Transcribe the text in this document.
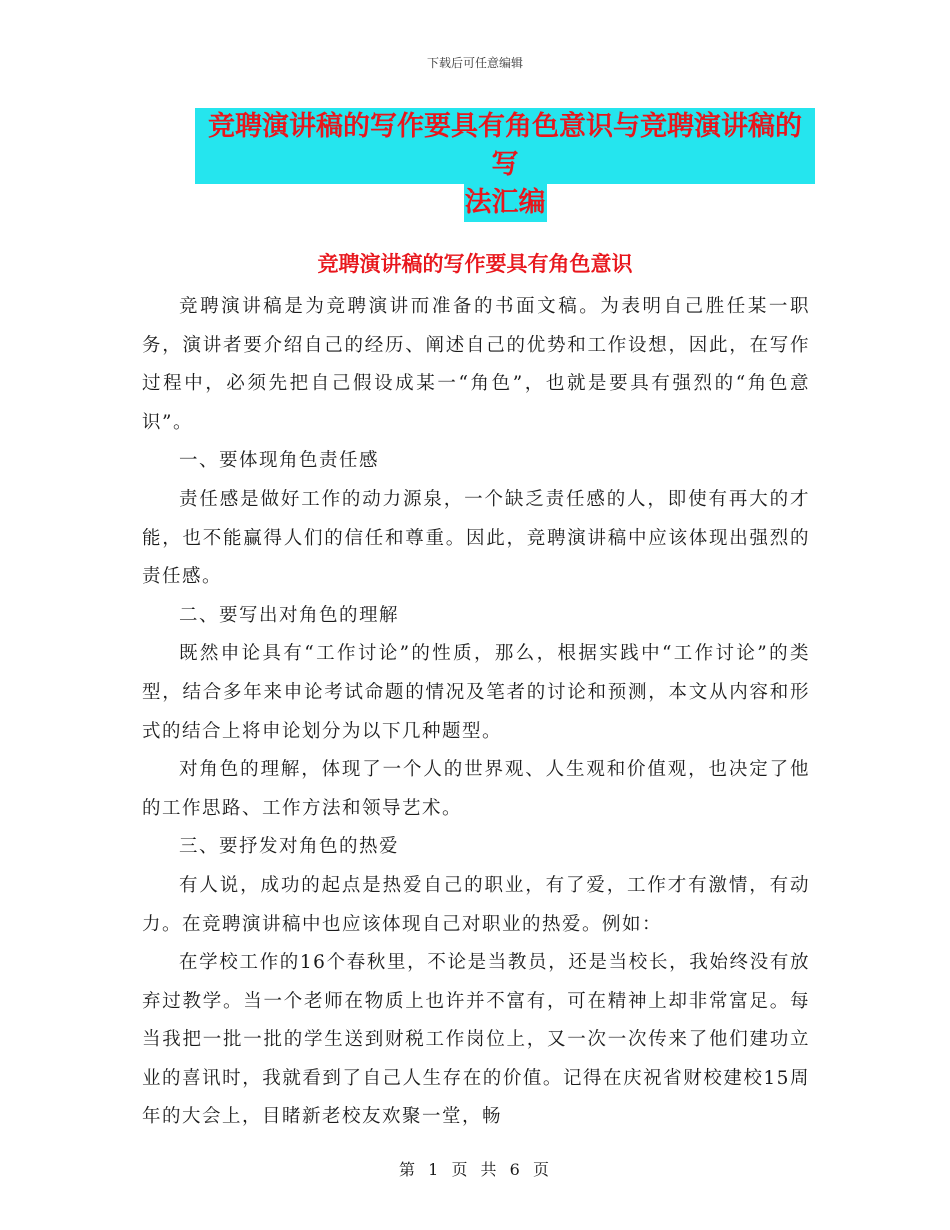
下载后可任意编辑
竞聘演讲稿的写作要具有角色意识与竞聘演讲稿的写
法汇编
竞聘演讲稿的写作要具有角色意识

竞聘演讲稿是为竞聘演讲而准备的书面文稿。为表明自己胜任某一职务，演讲者要介绍自己的经历、阐述自己的优势和工作设想，因此，在写作过程中，必须先把自己假设成某一“角色”，也就是要具有强烈的“角色意识”。

一、要体现角色责任感

责任感是做好工作的动力源泉，一个缺乏责任感的人，即使有再大的才能，也不能赢得人们的信任和尊重。因此，竞聘演讲稿中应该体现出强烈的责任感。

二、要写出对角色的理解

既然申论具有“工作讨论”的性质，那么，根据实践中“工作讨论”的类型，结合多年来申论考试命题的情况及笔者的讨论和预测，本文从内容和形式的结合上将申论划分为以下几种题型。

对角色的理解，体现了一个人的世界观、人生观和价值观，也决定了他的工作思路、工作方法和领导艺术。

三、要抒发对角色的热爱

有人说，成功的起点是热爱自己的职业，有了爱，工作才有激情，有动力。在竞聘演讲稿中也应该体现自己对职业的热爱。例如：

在学校工作的16个春秋里，不论是当教员，还是当校长，我始终没有放弃过教学。当一个老师在物质上也许并不富有，可在精神上却非常富足。每当我把一批一批的学生送到财税工作岗位上，又一次一次传来了他们建功立业的喜讯时，我就看到了自己人生存在的价值。记得在庆祝省财校建校15周年的大会上，目睹新老校友欢聚一堂，畅

第 1 页 共 6 页
